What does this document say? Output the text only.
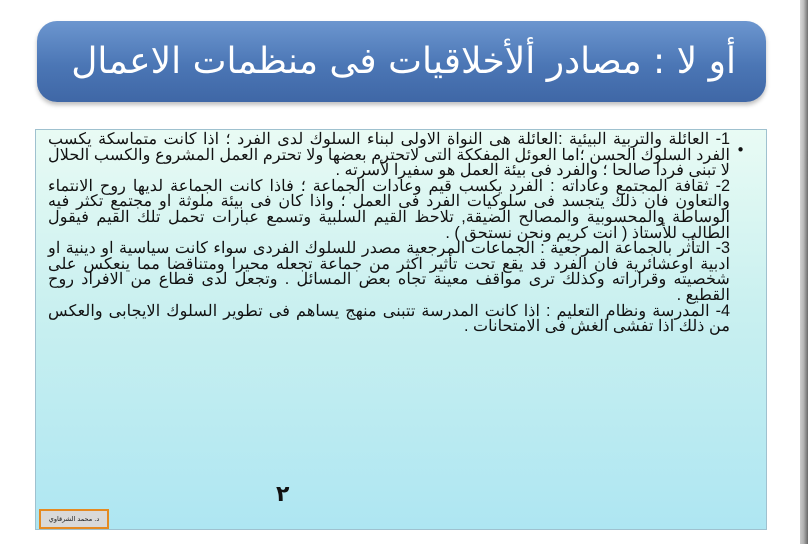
أو لا : مصادر ألأخلاقيات فى منظمات الاعمال
•

1- العائلة والتربية البيئية :العائلة هى النواة الاولى لبناء السلوك لدى الفرد ؛ اذا كانت متماسكة يكسب الفرد السلوك الحسن ؛اما العوئل المفككة التى لاتحترم بعضها ولا تحترم العمل المشروع والكسب الحلال لا تبنى فردا صالحا ؛ والفرد فى بيئة العمل هو سفيرا لأسرته .

2- ثقافة المجتمع وعاداته : الفرد يكسب قيم وعادات الجماعة ؛ فاذا كانت الجماعة لديها روح الانتماء والتعاون فان ذلك يتجسد فى سلوكيات الفرد فى العمل ؛ واذا كان فى بيئة ملوثة او مجتمع تكثر فيه الوساطة والمحسوبية والمصالح الضيقة, تلاحظ القيم السلبية وتسمع عبارات تحمل تلك القيم فيقول الطالب للأستاذ ( انت كريم ونحن نستحق ) .

3- التأثر بالجماعة المرجعية : الجماعات المرجعية مصدر للسلوك الفردى سواء كانت سياسية او دينية او ادبية اوعشائرية فان الفرد قد يقع تحت تأثير اكثر من جماعة تجعله محيرا ومتناقضا مما ينعكس على شخصيته وقراراته وكذلك ترى مواقف معينة تجاه بعض المسائل . وتجعل لدى قطاع من الافراد روح القطيع .

4- المدرسة ونظام التعليم : اذا كانت المدرسة تتبنى منهج يساهم فى تطوير السلوك الايجابى والعكس من ذلك اذا تفشى الغش فى الامتحانات .

٢
د. محمد الشرقاوي
